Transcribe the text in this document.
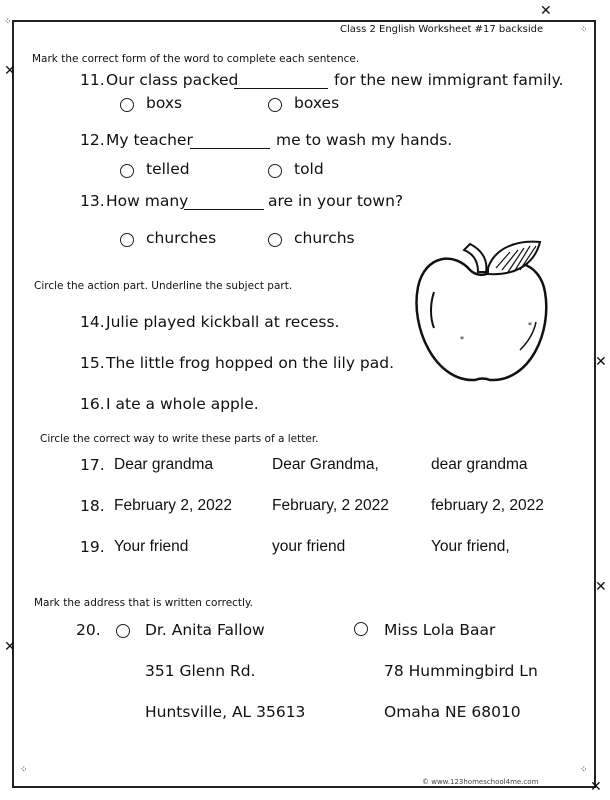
✕
⁘
⁘
✕
✕
✕
✕
⁘	⁘
✕
Class 2 English Worksheet #17 backside
Mark the correct form of the word to complete each sentence.
11. Our class packed	for the new immigrant family.
boxs	boxes
12. My teacher	me to wash my hands.
telled	told
13. How many	are in your town?
churches	churchs
Circle the action part. Underline the subject part.
14. Julie played kickball at recess.
15. The little frog hopped on the lily pad.
16. I ate a whole apple.
*
*
Circle the correct way to write these parts of a letter.
17. Dear grandma	Dear Grandma,	dear grandma
18. February 2, 2022	February, 2 2022	february 2, 2022
19. Your friend	your friend	Your friend,
Mark the address that is written correctly.
20.	Dr. Anita Fallow
351 Glenn Rd.
Huntsville, AL 35613
Miss Lola Baar
78 Hummingbird Ln
Omaha NE 68010
© www.123homeschool4me.com
